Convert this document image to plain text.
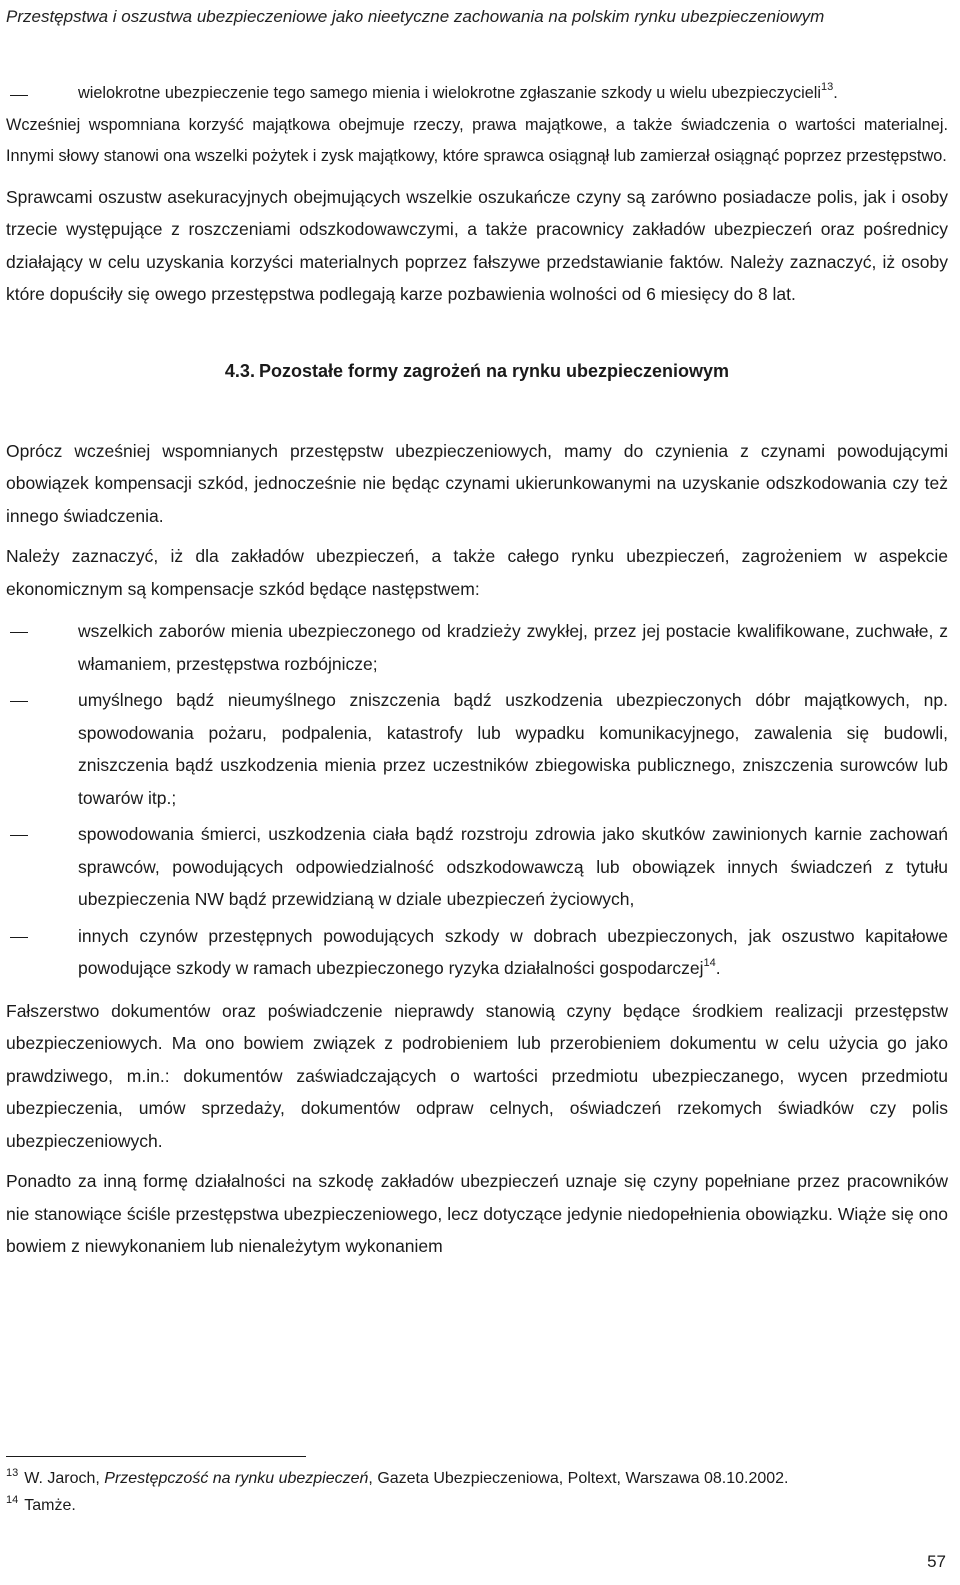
Przestępstwa i oszustwa ubezpieczeniowe jako nieetyczne zachowania na polskim rynku ubezpieczeniowym
wielokrotne ubezpieczenie tego samego mienia i wielokrotne zgłaszanie szkody u wielu ubezpieczycieli$^{13}$.

Wcześniej wspomniana korzyść majątkowa obejmuje rzeczy, prawa majątkowe, a także świadczenia o wartości materialnej. Innymi słowy stanowi ona wszelki pożytek i zysk majątkowy, które sprawca osiągnął lub zamierzał osiągnąć poprzez przestępstwo.

Sprawcami oszustw asekuracyjnych obejmujących wszelkie oszukańcze czyny są zarówno posiadacze polis, jak i osoby trzecie występujące z roszczeniami odszkodowawczymi, a także pracownicy zakładów ubezpieczeń oraz pośrednicy działający w celu uzyskania korzyści materialnych poprzez fałszywe przedstawianie faktów. Należy zaznaczyć, iż osoby które dopuściły się owego przestępstwa podlegają karze pozbawienia wolności od 6 miesięcy do 8 lat.

4.3. Pozostałe formy zagrożeń na rynku ubezpieczeniowym

Oprócz wcześniej wspomnianych przestępstw ubezpieczeniowych, mamy do czynienia z czynami powodującymi obowiązek kompensacji szkód, jednocześnie nie będąc czynami ukierunkowanymi na uzyskanie odszkodowania czy też innego świadczenia.

Należy zaznaczyć, iż dla zakładów ubezpieczeń, a także całego rynku ubezpieczeń, zagrożeniem w aspekcie ekonomicznym są kompensacje szkód będące następstwem:

wszelkich zaborów mienia ubezpieczonego od kradzieży zwykłej, przez jej postacie kwalifikowane, zuchwałe, z włamaniem, przestępstwa rozbójnicze;
umyślnego bądź nieumyślnego zniszczenia bądź uszkodzenia ubezpieczonych dóbr majątkowych, np. spowodowania pożaru, podpalenia, katastrofy lub wypadku komunikacyjnego, zawalenia się budowli, zniszczenia bądź uszkodzenia mienia przez uczestników zbiegowiska publicznego, zniszczenia surowców lub towarów itp.;
spowodowania śmierci, uszkodzenia ciała bądź rozstroju zdrowia jako skutków zawinionych karnie zachowań sprawców, powodujących odpowiedzialność odszkodowawczą lub obowiązek innych świadczeń z tytułu ubezpieczenia NW bądź przewidzianą w dziale ubezpieczeń życiowych,
innych czynów przestępnych powodujących szkody w dobrach ubezpieczonych, jak oszustwo kapitałowe powodujące szkody w ramach ubezpieczonego ryzyka działalności gospodarczej$^{14}$.

Fałszerstwo dokumentów oraz poświadczenie nieprawdy stanowią czyny będące środkiem realizacji przestępstw ubezpieczeniowych. Ma ono bowiem związek z podrobieniem lub przerobieniem dokumentu w celu użycia go jako prawdziwego, m.in.: dokumentów zaświadczających o wartości przedmiotu ubezpieczanego, wycen przedmiotu ubezpieczenia, umów sprzedaży, dokumentów odpraw celnych, oświadczeń rzekomych świadków czy polis ubezpieczeniowych.

Ponadto za inną formę działalności na szkodę zakładów ubezpieczeń uznaje się czyny popełniane przez pracowników nie stanowiące ściśle przestępstwa ubezpieczeniowego, lecz dotyczące jedynie niedopełnienia obowiązku. Wiąże się ono bowiem z niewykonaniem lub nienależytym wykonaniem

$^{13}$ W. Jaroch, Przestępczość na rynku ubezpieczeń, Gazeta Ubezpieczeniowa, Poltext, Warszawa 08.10.2002.
$^{14}$ Tamże.
57
